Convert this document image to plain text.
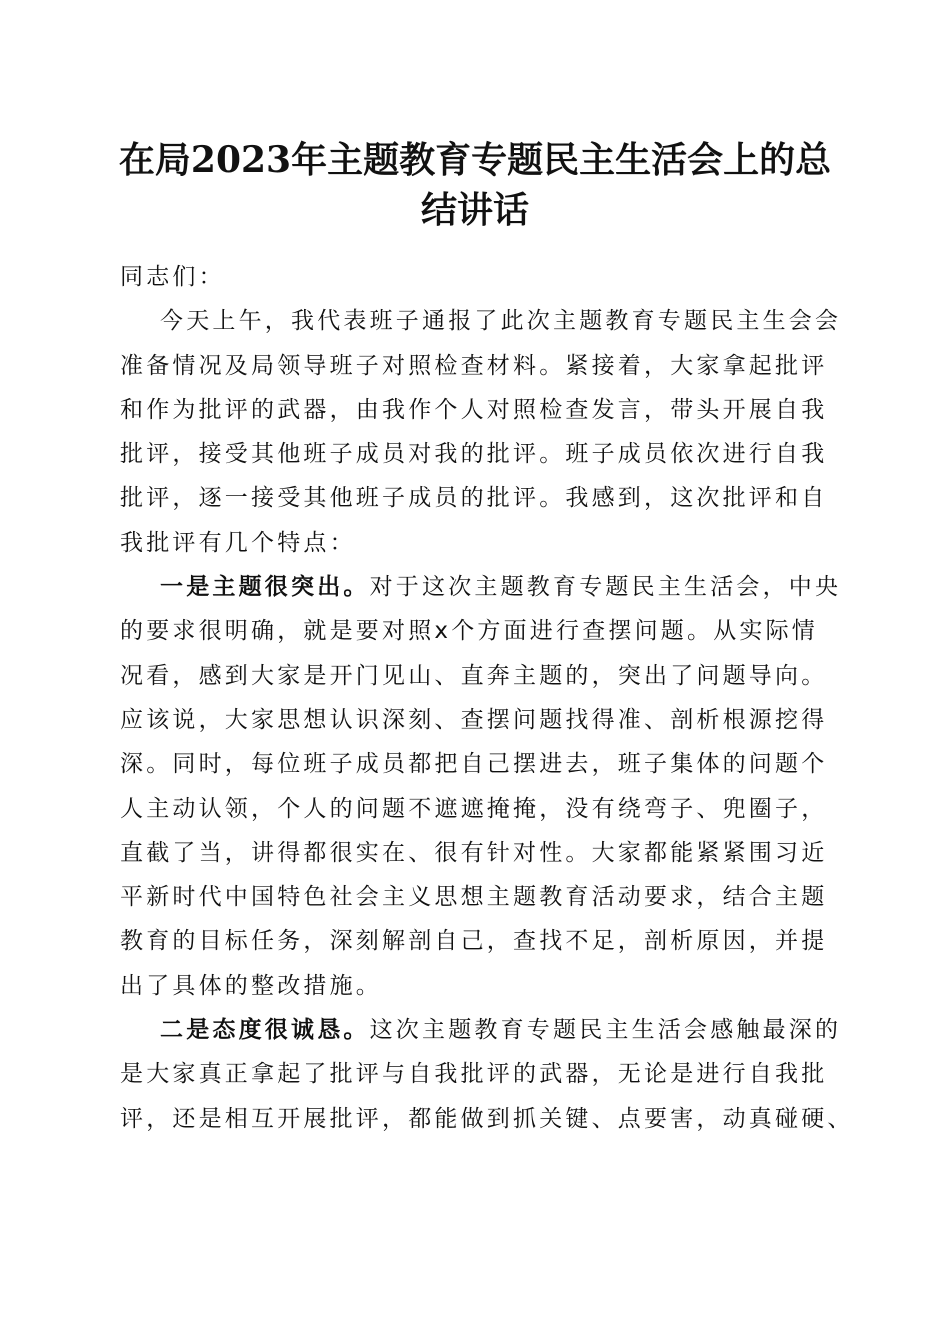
在局2023年主题教育专题民主生活会上的总
结讲话
同志们：
今天上午，我代表班子通报了此次主题教育专题民主生会会
准备情况及局领导班子对照检查材料。紧接着，大家拿起批评
和作为批评的武器，由我作个人对照检查发言，带头开展自我
批评，接受其他班子成员对我的批评。班子成员依次进行自我
批评，逐一接受其他班子成员的批评。我感到，这次批评和自
我批评有几个特点：
一是主题很突出。对于这次主题教育专题民主生活会，中央
的要求很明确，就是要对照x个方面进行查摆问题。从实际情
况看，感到大家是开门见山、直奔主题的，突出了问题导向。
应该说，大家思想认识深刻、查摆问题找得准、剖析根源挖得
深。同时，每位班子成员都把自己摆进去，班子集体的问题个
人主动认领，个人的问题不遮遮掩掩，没有绕弯子、兜圈子，
直截了当，讲得都很实在、很有针对性。大家都能紧紧围习近
平新时代中国特色社会主义思想主题教育活动要求，结合主题
教育的目标任务，深刻解剖自己，查找不足，剖析原因，并提
出了具体的整改措施。
二是态度很诚恳。这次主题教育专题民主生活会感触最深的
是大家真正拿起了批评与自我批评的武器，无论是进行自我批
评，还是相互开展批评，都能做到抓关键、点要害，动真碰硬、
